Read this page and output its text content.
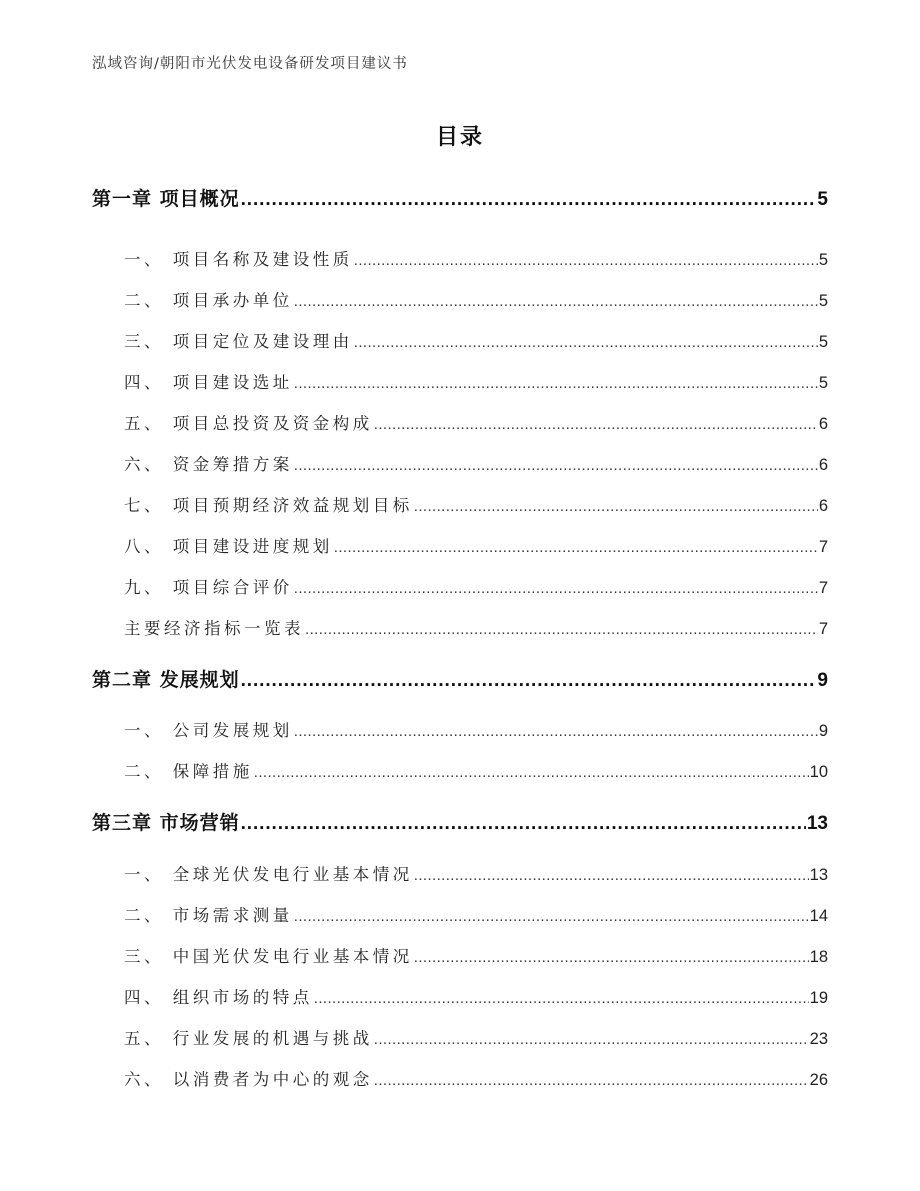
泓域咨询/朝阳市光伏发电设备研发项目建议书
目录
第一章 项目概况 .....	5
一、 项目名称及建设性质 .....	5
二、 项目承办单位 .....	5
三、 项目定位及建设理由 .....	5
四、 项目建设选址 .....	5
五、 项目总投资及资金构成 .....	6
六、 资金筹措方案 .....	6
七、 项目预期经济效益规划目标 .....	6
八、 项目建设进度规划 .....	7
九、 项目综合评价 .....	7
主要经济指标一览表 .....	7
第二章 发展规划 .....	9
一、 公司发展规划 .....	9
二、 保障措施 .....	10
第三章 市场营销 .....	13
一、 全球光伏发电行业基本情况 .....	13
二、 市场需求测量 .....	14
三、 中国光伏发电行业基本情况 .....	18
四、 组织市场的特点 .....	19
五、 行业发展的机遇与挑战 .....	23
六、 以消费者为中心的观念 .....	26
